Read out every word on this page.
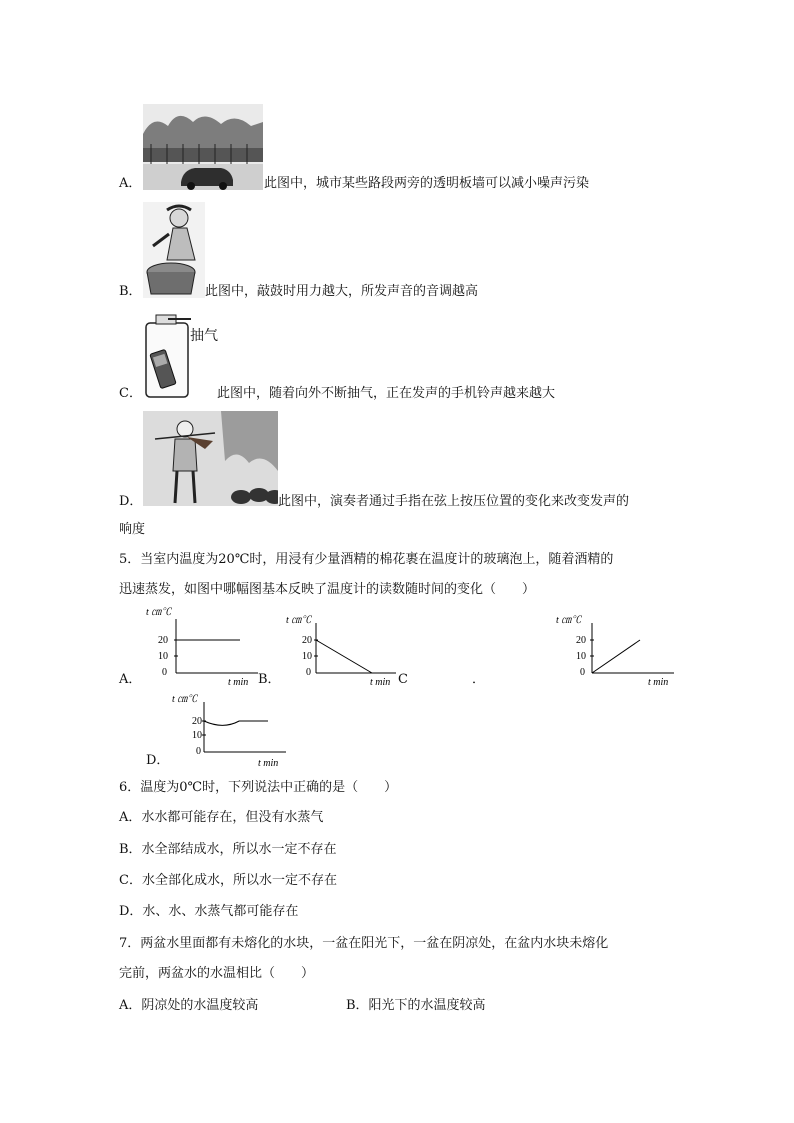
A．	此图中，城市某些路段两旁的透明板墙可以减小噪声污染
B．	此图中，敲鼓时用力越大，所发声音的音调越高
抽气
C．	此图中，随着向外不断抽气，正在发声的手机铃声越来越大
D．	此图中，演奏者通过手指在弦上按压位置的变化来改变发声的
响度
5．当室内温度为20℃时，用浸有少量酒精的棉花裹在温度计的玻璃泡上，随着酒精的
迅速蒸发，如图中哪幅图基本反映了温度计的读数随时间的变化（　　）
t ㎝℃
20
10
0
t min
A．	B．
t ㎝℃
20
10
0
t min C	．
t ㎝℃
20
10
0
t min
t ㎝℃
20
10
0
t min
D．
6．温度为0℃时，下列说法中正确的是（　　）
A．水水都可能存在，但没有水蒸气
B．水全部结成水，所以水一定不存在
C．水全部化成水，所以水一定不存在
D．水、水、水蒸气都可能存在
7．两盆水里面都有未熔化的水块，一盆在阳光下，一盆在阴凉处，在盆内水块未熔化
完前，两盆水的水温相比（　　）
A．阴凉处的水温度较高	B．阳光下的水温度较高
